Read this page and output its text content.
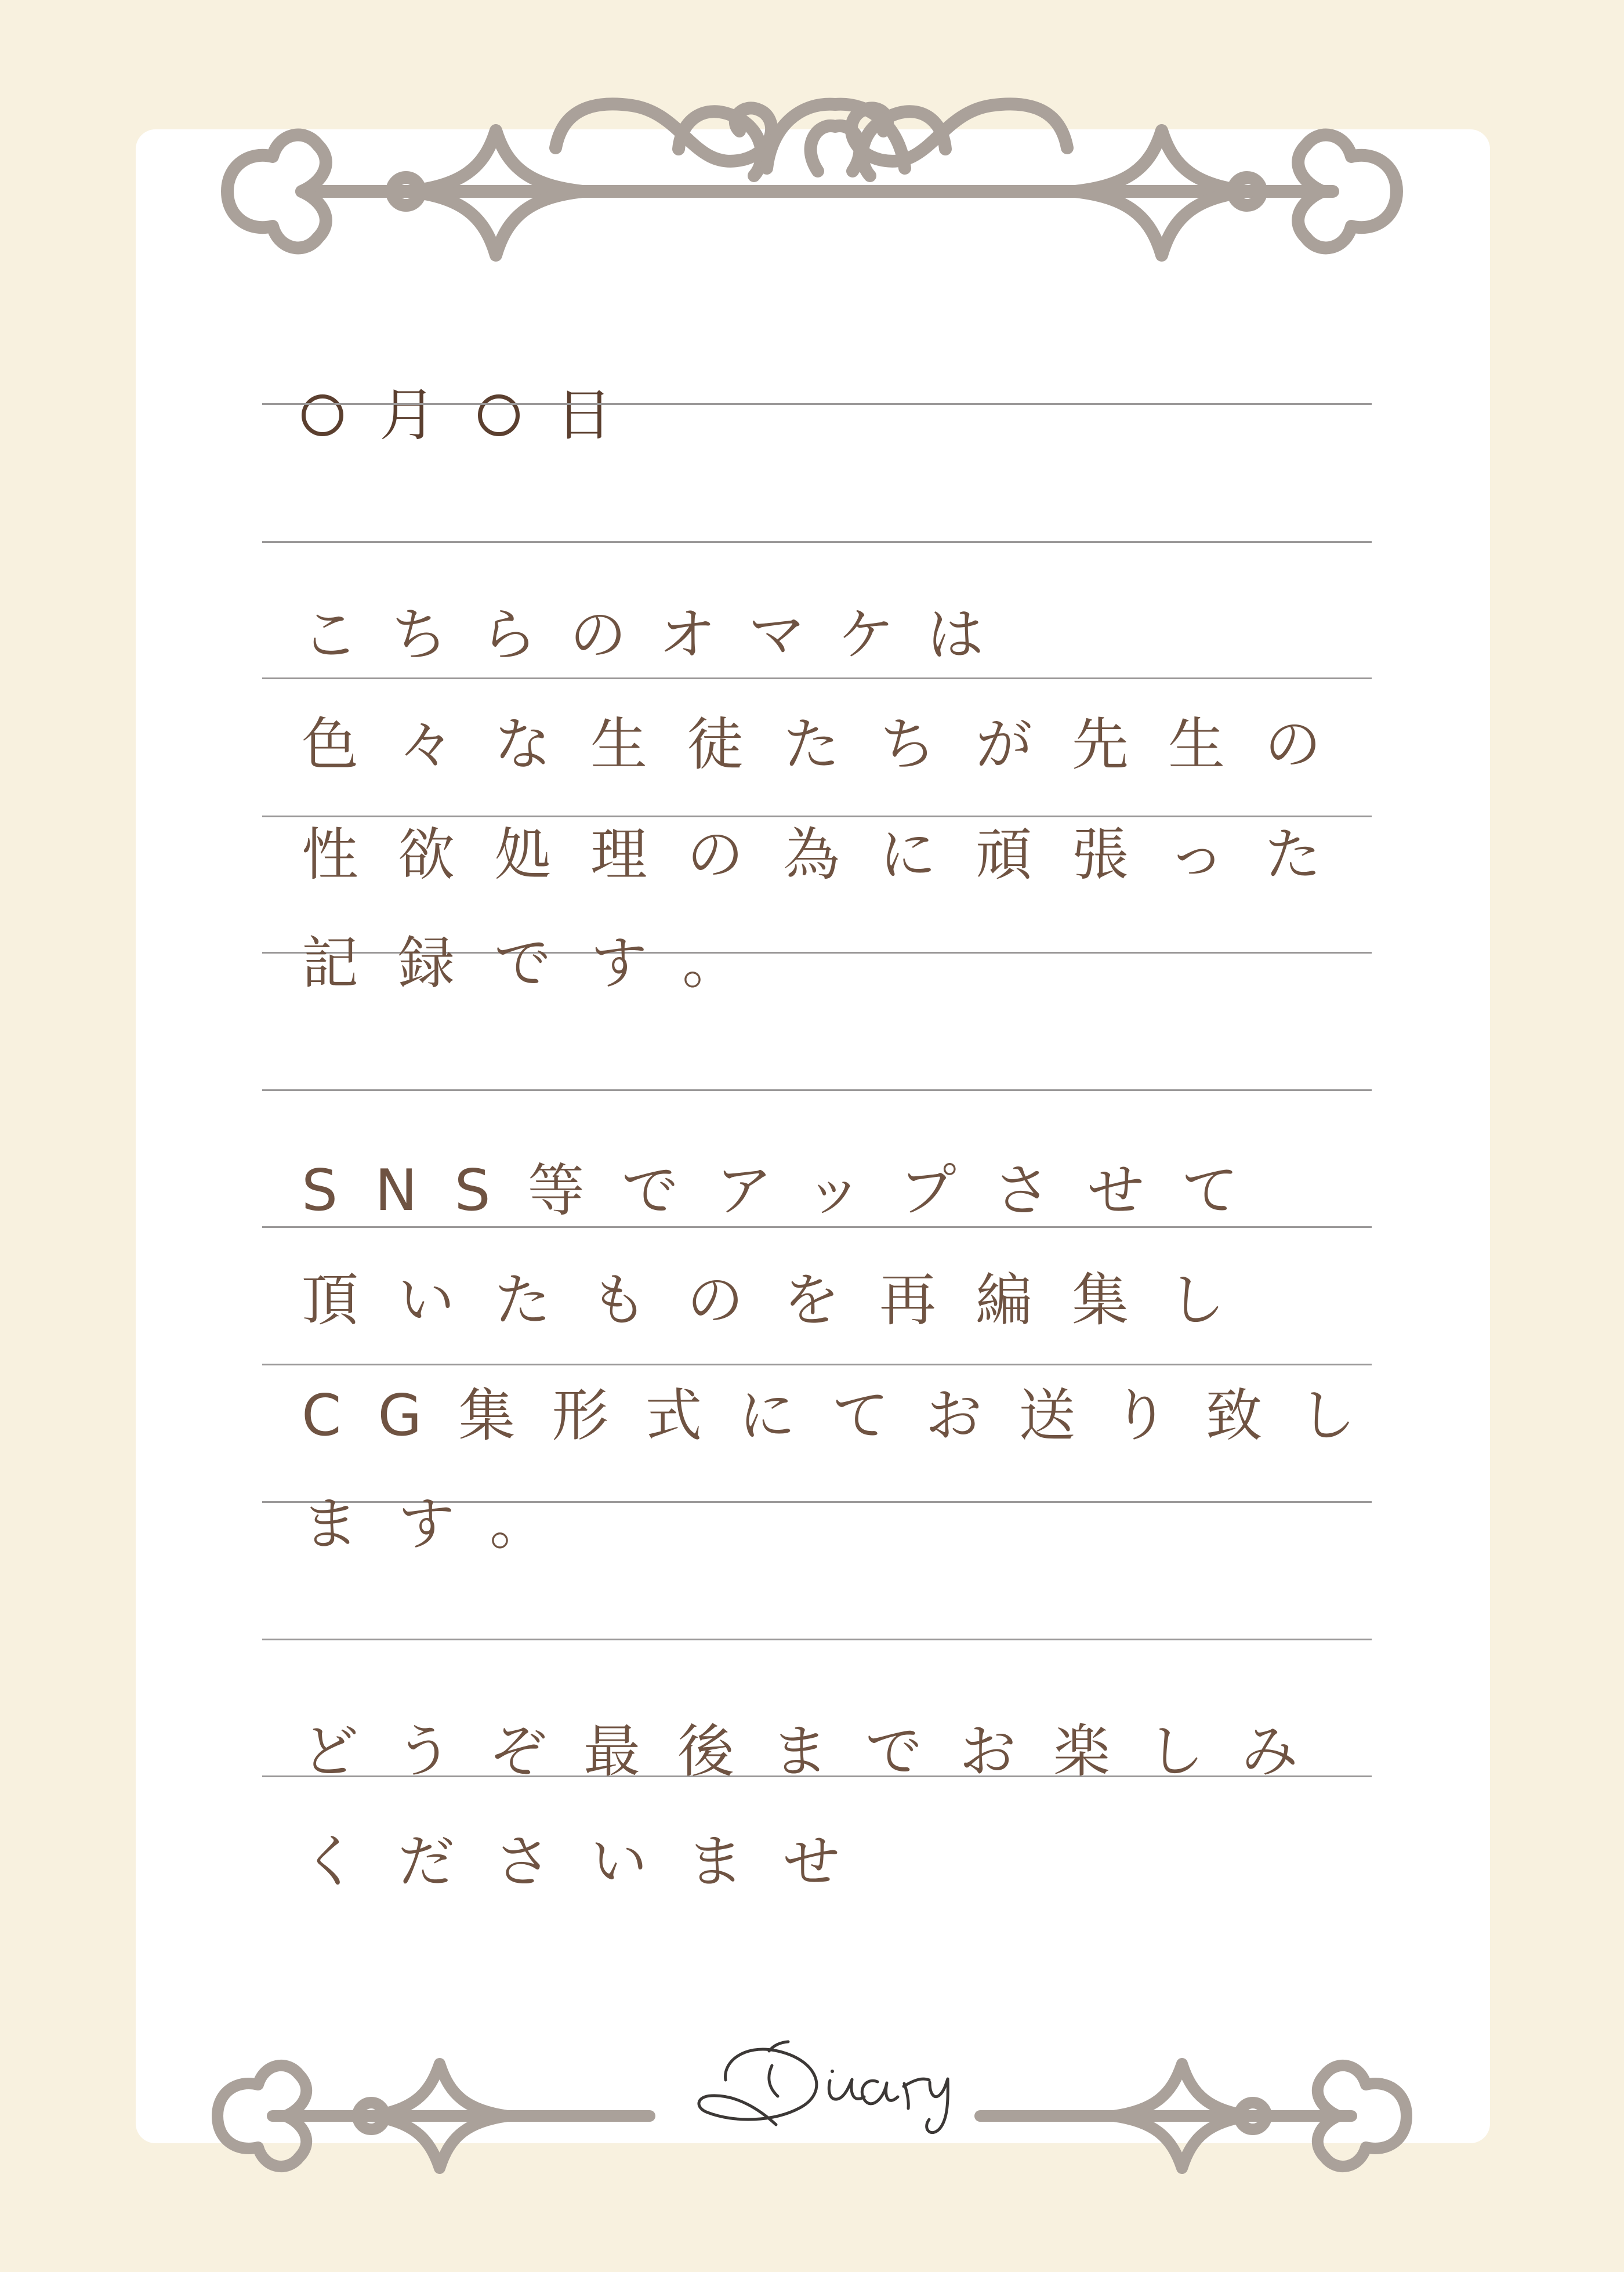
月 日
こちらのオマケは
色々な生徒たちが先生の
性欲処理の為に頑張った
記録です。
SNS等でアップさせて
頂いたものを再編集し
CG集形式にてお送り致し
ます。
どうぞ最後までお楽しみ
くださいませ
